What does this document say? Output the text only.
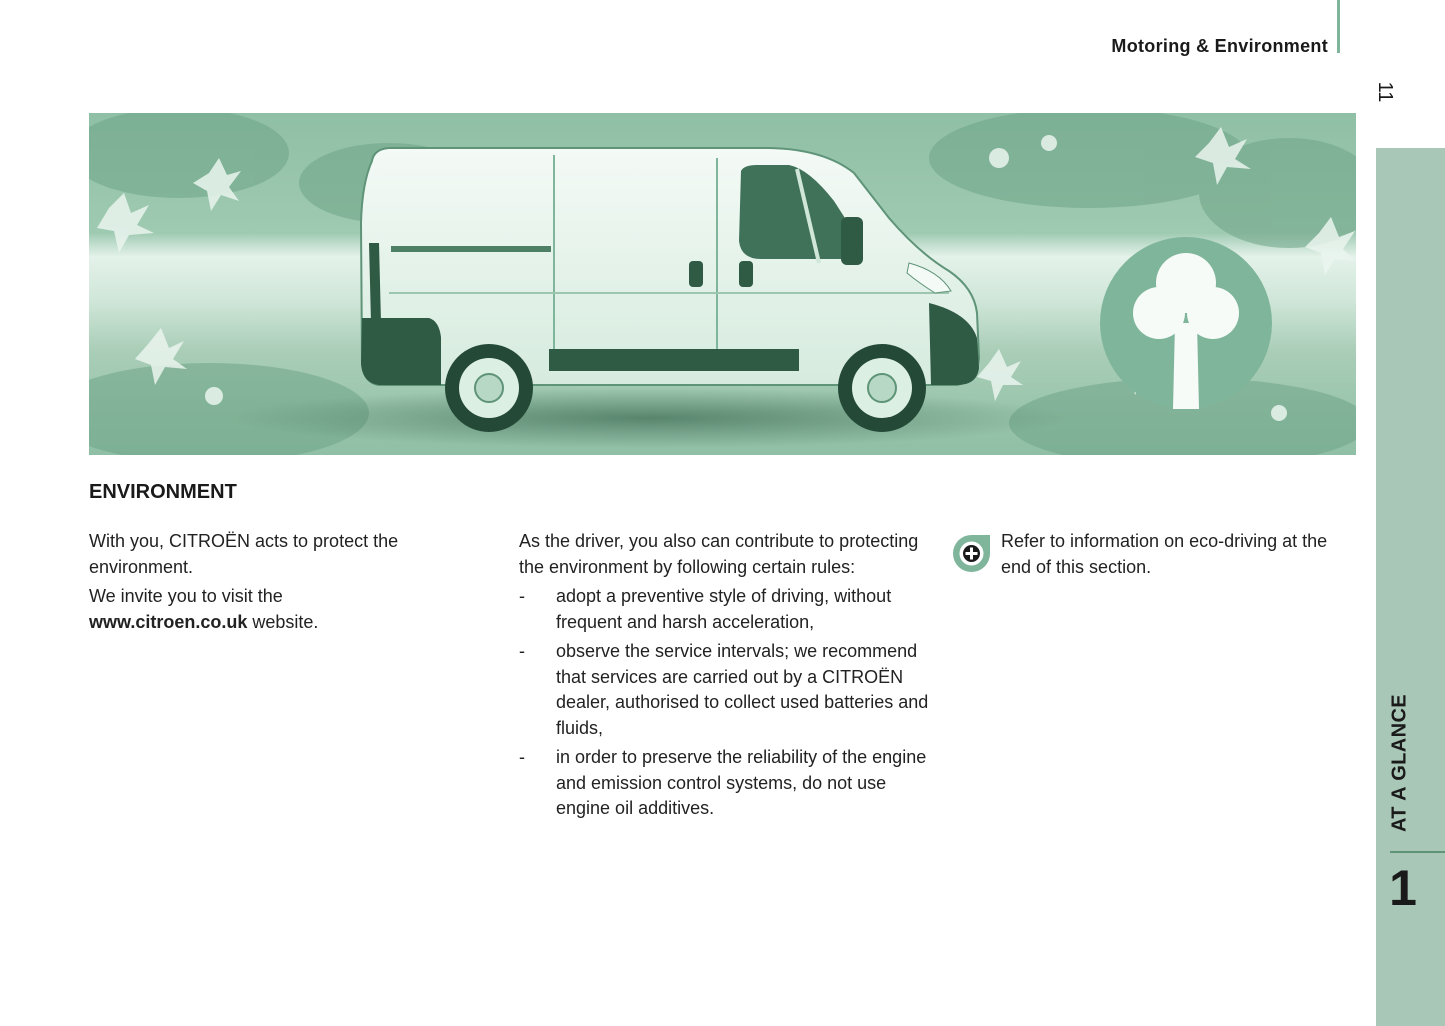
Motoring & Environment
11
AT A GLANCE
1
ENVIRONMENT

With you, CITROËN acts to protect the environment.

We invite you to visit the
www.citroen.co.uk website.

As the driver, you also can contribute to protecting the environment by following certain rules:

- adopt a preventive style of driving, without frequent and harsh acceleration,
- observe the service intervals; we recommend that services are carried out by a CITROËN dealer, authorised to collect used batteries and fluids,
- in order to preserve the reliability of the engine and emission control systems, do not use engine oil additives.

Refer to information on eco-driving at the end of this section.
